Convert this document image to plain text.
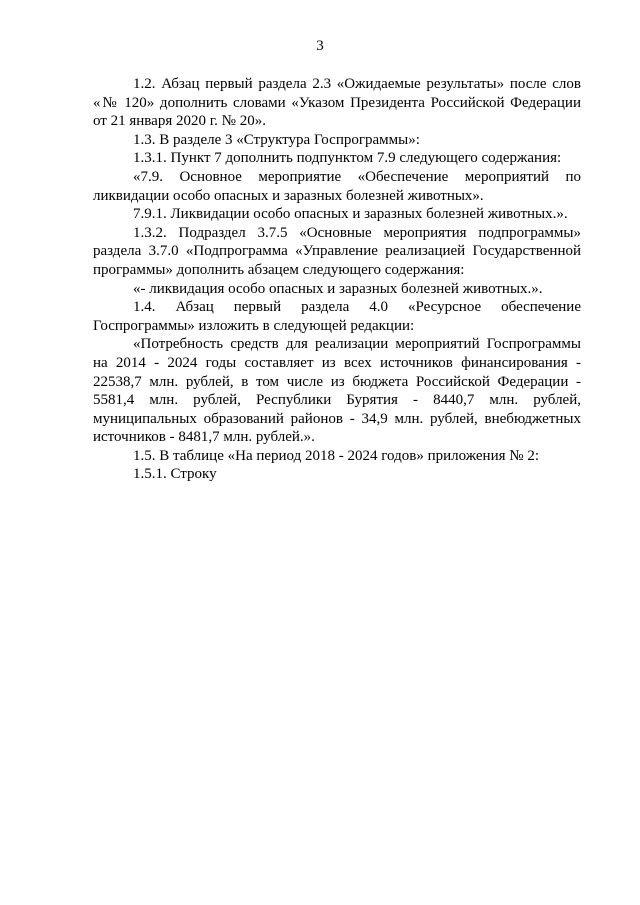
3

1.2. Абзац первый раздела 2.3 «Ожидаемые результаты» после слов «№ 120» дополнить словами «Указом Президента Российской Федерации от 21 января 2020 г. № 20».

1.3. В разделе 3 «Структура Госпрограммы»:

1.3.1. Пункт 7 дополнить подпунктом 7.9 следующего содержания:

«7.9. Основное мероприятие «Обеспечение мероприятий по ликвидации особо опасных и заразных болезней животных».

7.9.1. Ликвидации особо опасных и заразных болезней животных.».

1.3.2. Подраздел 3.7.5 «Основные мероприятия подпрограммы» раздела 3.7.0 «Подпрограмма «Управление реализацией Государственной программы» дополнить абзацем следующего содержания:

«- ликвидация особо опасных и заразных болезней животных.».

1.4. Абзац первый раздела 4.0 «Ресурсное обеспечение Госпрограммы» изложить в следующей редакции:

«Потребность средств для реализации мероприятий Госпрограммы на 2014 - 2024 годы составляет из всех источников финансирования - 22538,7 млн. рублей, в том числе из бюджета Российской Федерации - 5581,4 млн. рублей, Республики Бурятия - 8440,7 млн. рублей, муниципальных образований районов - 34,9 млн. рублей, внебюджетных источников - 8481,7 млн. рублей.».

1.5. В таблице «На период 2018 - 2024 годов» приложения № 2:

1.5.1. Строку
